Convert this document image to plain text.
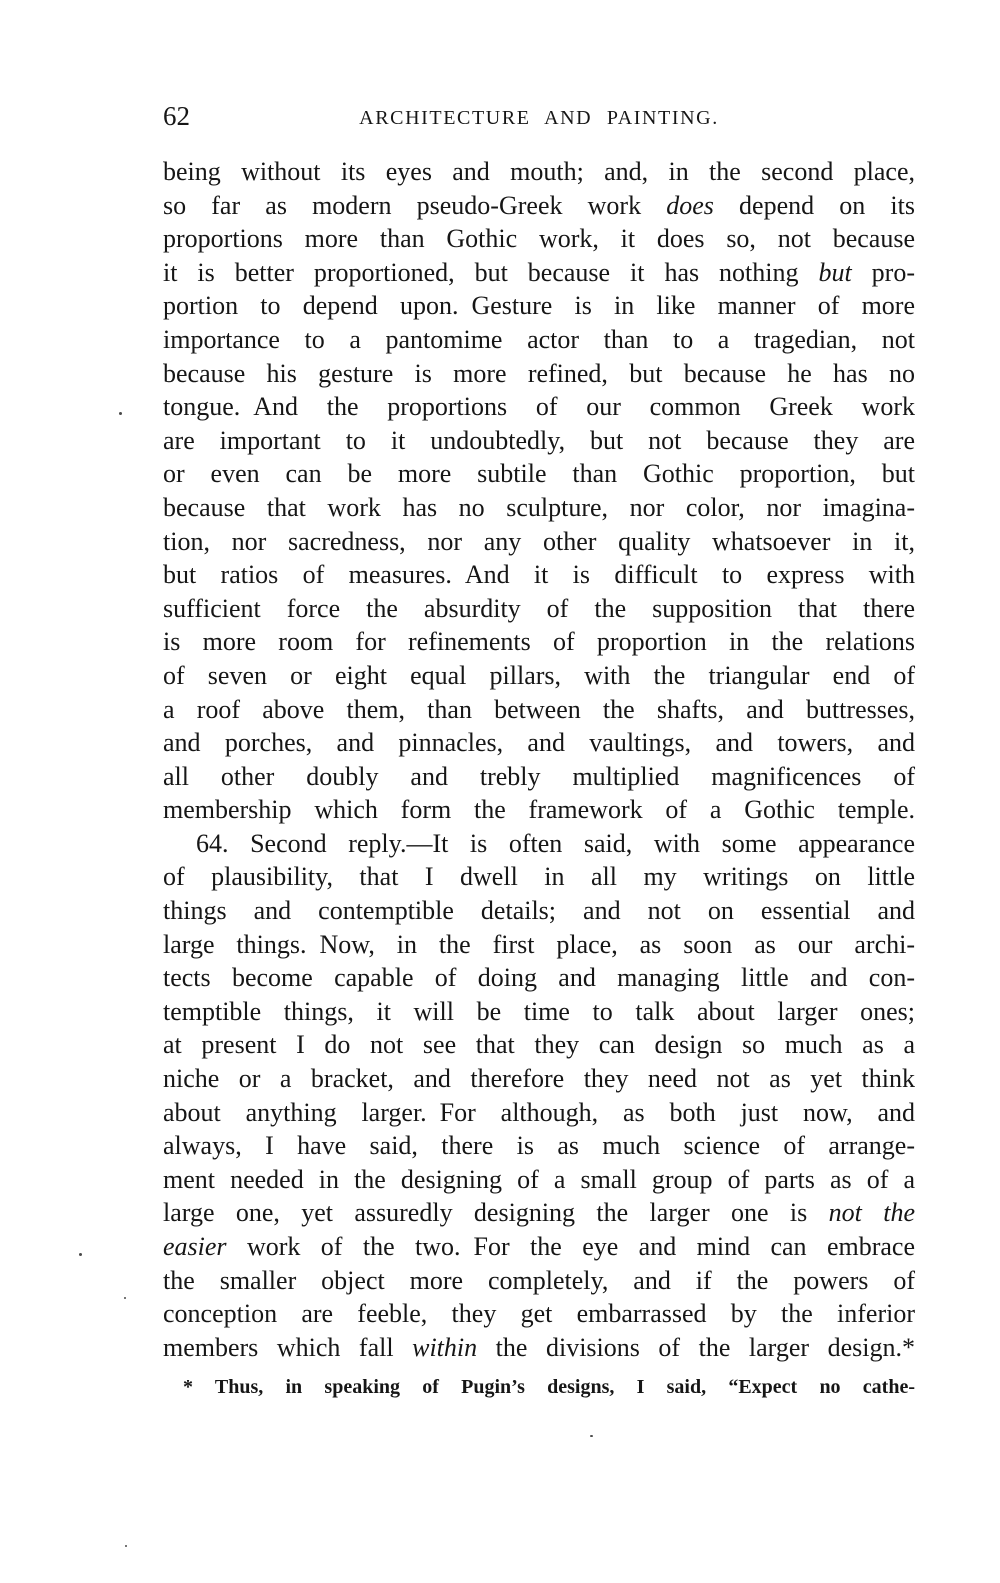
62	ARCHITECTURE AND PAINTING.
being without its eyes and mouth; and, in the second place,
so far as modern pseudo-Greek work does depend on its
proportions more than Gothic work, it does so, not because
it is better proportioned, but because it has nothing but pro-
portion to depend upon. Gesture is in like manner of more
importance to a pantomime actor than to a tragedian, not
because his gesture is more refined, but because he has no
tongue. And the proportions of our common Greek work
are important to it undoubtedly, but not because they are
or even can be more subtile than Gothic proportion, but
because that work has no sculpture, nor color, nor imagina-
tion, nor sacredness, nor any other quality whatsoever in it,
but ratios of measures. And it is difficult to express with
sufficient force the absurdity of the supposition that there
is more room for refinements of proportion in the relations
of seven or eight equal pillars, with the triangular end of
a roof above them, than between the shafts, and buttresses,
and porches, and pinnacles, and vaultings, and towers, and
all other doubly and trebly multiplied magnificences of
membership which form the framework of a Gothic temple.
64. Second reply.—It is often said, with some appearance
of plausibility, that I dwell in all my writings on little
things and contemptible details; and not on essential and
large things. Now, in the first place, as soon as our archi-
tects become capable of doing and managing little and con-
temptible things, it will be time to talk about larger ones;
at present I do not see that they can design so much as a
niche or a bracket, and therefore they need not as yet think
about anything larger. For although, as both just now, and
always, I have said, there is as much science of arrange-
ment needed in the designing of a small group of parts as of a
large one, yet assuredly designing the larger one is not the
easier work of the two. For the eye and mind can embrace
the smaller object more completely, and if the powers of
conception are feeble, they get embarrassed by the inferior
members which fall within the divisions of the larger design.*
* Thus, in speaking of Pugin’s designs, I said, “Expect no cathe-
